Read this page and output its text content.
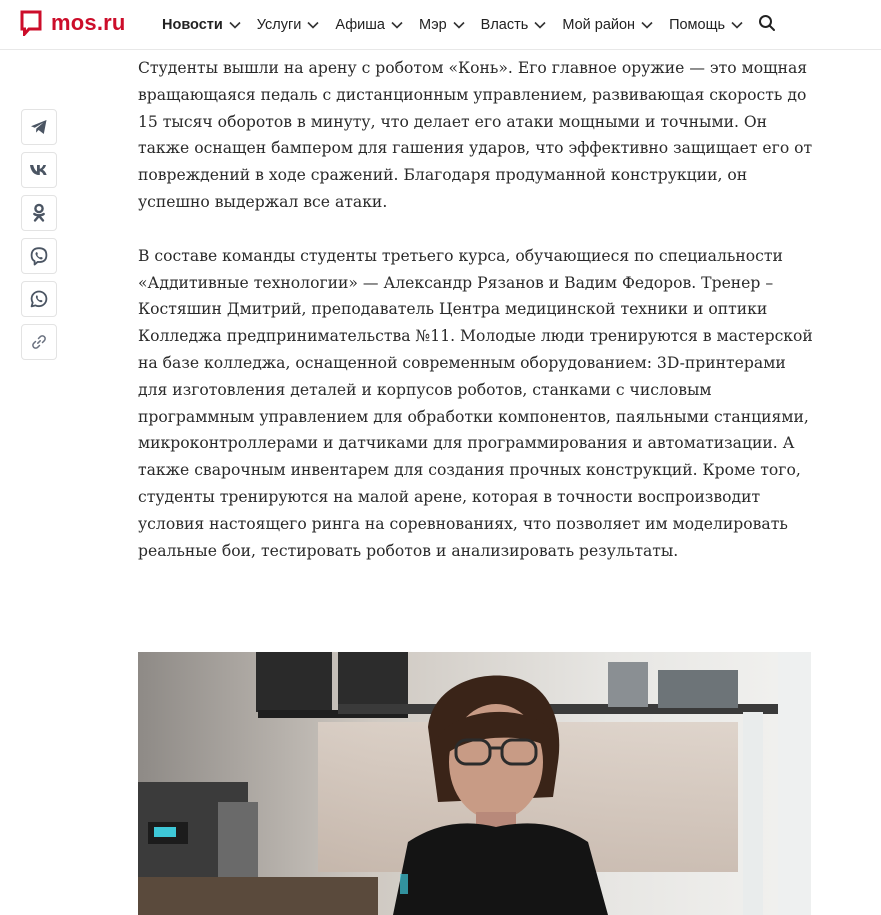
mos.ru	Новости Услуги Афиша Мэр Власть Мой район Помощь

Студенты вышли на арену с роботом «Конь». Его главное оружие — это мощная вращающаяся педаль с дистанционным управлением, развивающая скорость до 15 тысяч оборотов в минуту, что делает его атаки мощными и точными. Он также оснащен бампером для гашения ударов, что эффективно защищает его от повреждений в ходе сражений. Благодаря продуманной конструкции, он успешно выдержал все атаки.

В составе команды студенты третьего курса, обучающиеся по специальности «Аддитивные технологии» — Александр Рязанов и Вадим Федоров. Тренер – Костяшин Дмитрий, преподаватель Центра медицинской техники и оптики Колледжа предпринимательства №11. Молодые люди тренируются в мастерской на базе колледжа, оснащенной современным оборудованием: 3D-принтерами для изготовления деталей и корпусов роботов, станками с числовым программным управлением для обработки компонентов, паяльными станциями, микроконтроллерами и датчиками для программирования и автоматизации. А также сварочным инвентарем для создания прочных конструкций. Кроме того, студенты тренируются на малой арене, которая в точности воспроизводит условия настоящего ринга на соревнованиях, что позволяет им моделировать реальные бои, тестировать роботов и анализировать результаты.
